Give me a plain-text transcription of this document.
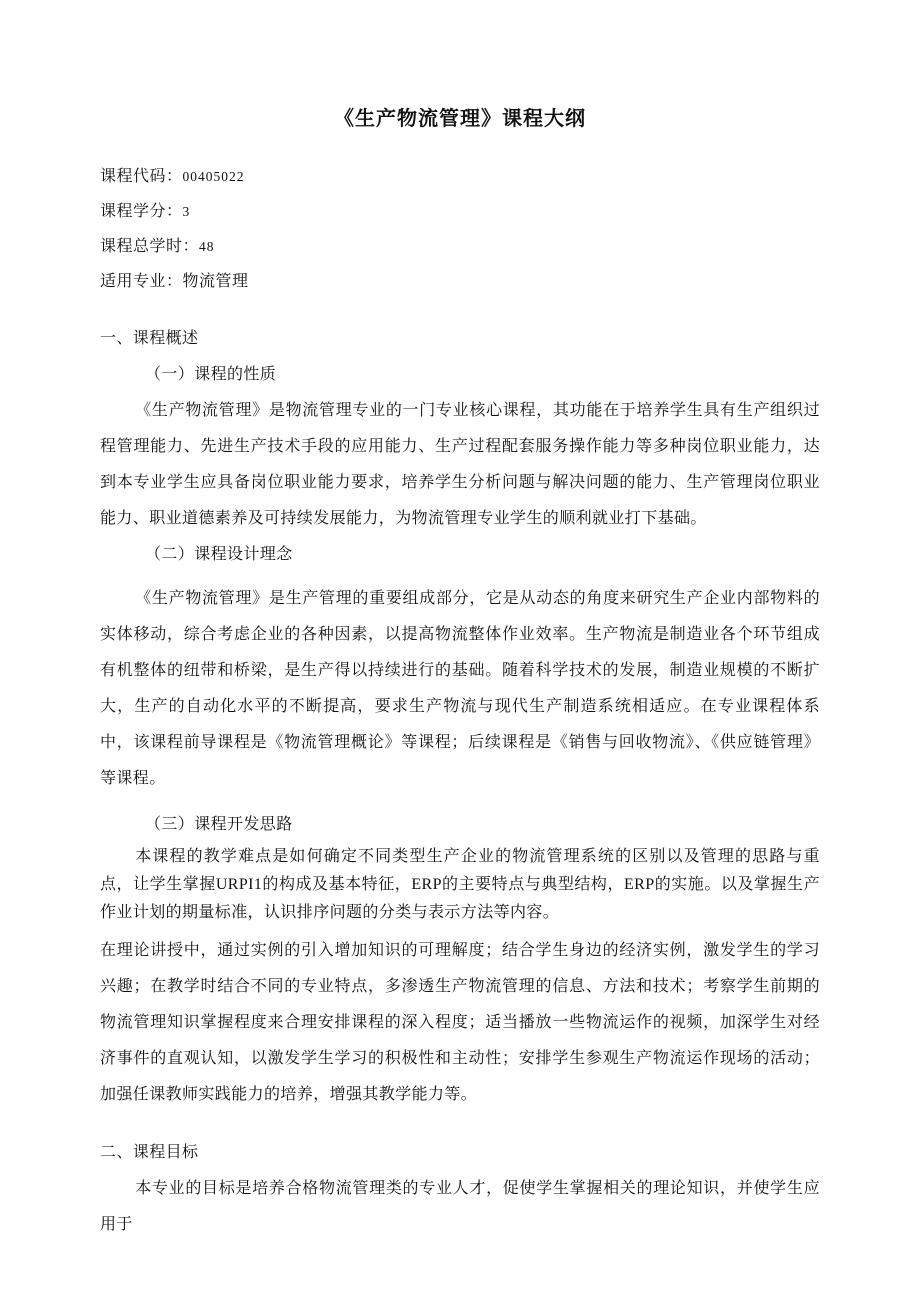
《生产物流管理》课程大纲

课程代码：00405022

课程学分：3

课程总学时：48

适用专业：物流管理

一、课程概述

（一）课程的性质

《生产物流管理》是物流管理专业的一门专业核心课程，其功能在于培养学生具有生产组织过程管理能力、先进生产技术手段的应用能力、生产过程配套服务操作能力等多种岗位职业能力，达到本专业学生应具备岗位职业能力要求，培养学生分析问题与解决问题的能力、生产管理岗位职业能力、职业道德素养及可持续发展能力，为物流管理专业学生的顺利就业打下基础。

（二）课程设计理念

《生产物流管理》是生产管理的重要组成部分，它是从动态的角度来研究生产企业内部物料的实体移动，综合考虑企业的各种因素，以提高物流整体作业效率。生产物流是制造业各个环节组成有机整体的纽带和桥梁，是生产得以持续进行的基础。随着科学技术的发展，制造业规模的不断扩大，生产的自动化水平的不断提高，要求生产物流与现代生产制造系统相适应。在专业课程体系中，该课程前导课程是《物流管理概论》等课程；后续课程是《销售与回收物流》、《供应链管理》等课程。

（三）课程开发思路

本课程的教学难点是如何确定不同类型生产企业的物流管理系统的区别以及管理的思路与重点，让学生掌握URPI1的构成及基本特征，ERP的主要特点与典型结构，ERP的实施。以及掌握生产作业计划的期量标准，认识排序问题的分类与表示方法等内容。

在理论讲授中，通过实例的引入增加知识的可理解度；结合学生身边的经济实例，激发学生的学习兴趣；在教学时结合不同的专业特点，多渗透生产物流管理的信息、方法和技术；考察学生前期的物流管理知识掌握程度来合理安排课程的深入程度；适当播放一些物流运作的视频，加深学生对经济事件的直观认知，以激发学生学习的积极性和主动性；安排学生参观生产物流运作现场的活动；加强任课教师实践能力的培养，增强其教学能力等。

二、课程目标

本专业的目标是培养合格物流管理类的专业人才，促使学生掌握相关的理论知识，并使学生应用于
